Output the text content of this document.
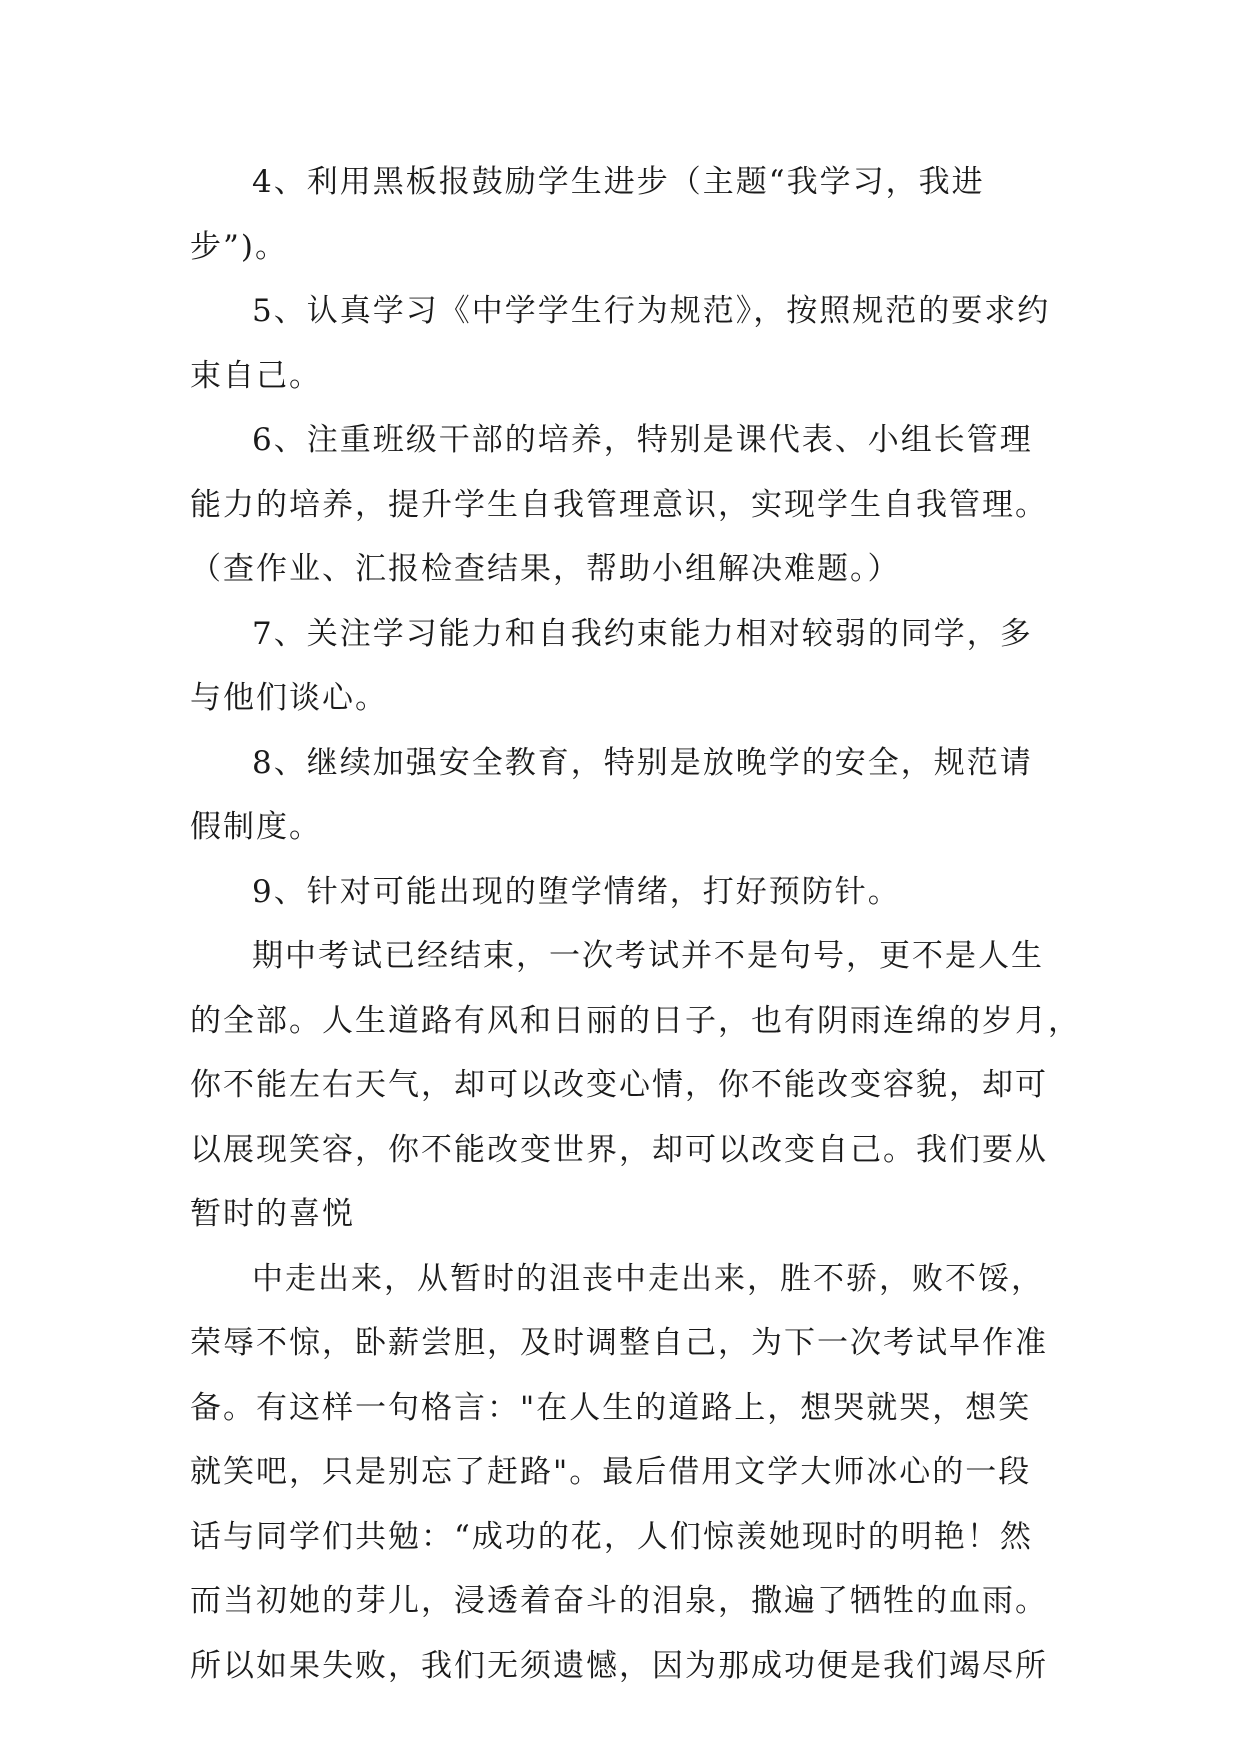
4、利用黑板报鼓励学生进步（主题“我学习，我进
步”)。
5、认真学习《中学学生行为规范》，按照规范的要求约
束自己。
6、注重班级干部的培养，特别是课代表、小组长管理
能力的培养，提升学生自我管理意识，实现学生自我管理。
（查作业、汇报检查结果，帮助小组解决难题。）
7、关注学习能力和自我约束能力相对较弱的同学，多
与他们谈心。
8、继续加强安全教育，特别是放晚学的安全，规范请
假制度。
9、针对可能出现的堕学情绪，打好预防针。
期中考试已经结束，一次考试并不是句号，更不是人生
的全部。人生道路有风和日丽的日子，也有阴雨连绵的岁月，
你不能左右天气，却可以改变心情，你不能改变容貌，却可
以展现笑容，你不能改变世界，却可以改变自己。我们要从
暂时的喜悦
中走出来，从暂时的沮丧中走出来，胜不骄，败不馁，
荣辱不惊，卧薪尝胆，及时调整自己，为下一次考试早作准
备。有这样一句格言："在人生的道路上，想哭就哭，想笑
就笑吧，只是别忘了赶路"。最后借用文学大师冰心的一段
话与同学们共勉：“成功的花，人们惊羡她现时的明艳！然
而当初她的芽儿，浸透着奋斗的泪泉，撒遍了牺牲的血雨。
所以如果失败，我们无须遗憾，因为那成功便是我们竭尽所
